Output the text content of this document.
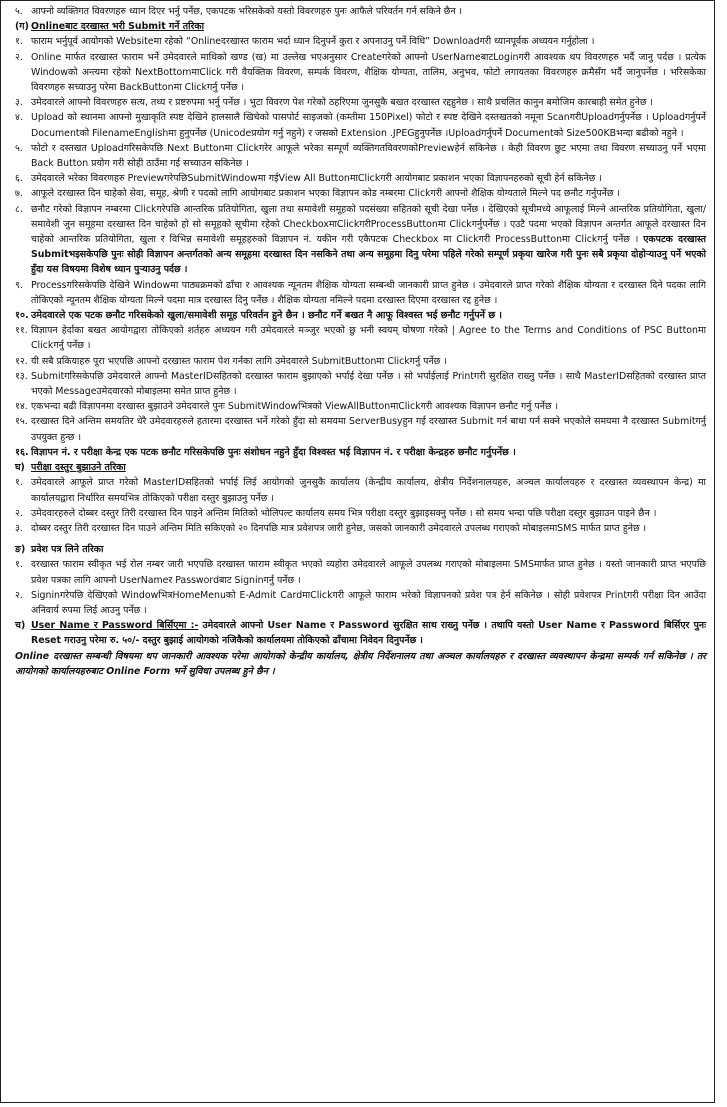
५. आफ्नो व्यक्तिगत विवरणहरु ध्यान दिएर भर्नु पर्नेछ, एकपटक भरिसकेको यस्तो विवरणहरु पुनः आफैले परिवर्तन गर्न सकिने छैन ।
(ग) Onlineबाट दरखास्त भरी Submit गर्ने तरिका
१. फाराम भर्नुपूर्व आयोगको Websiteमा रहेको “Onlineदरखास्त फाराम भर्दा ध्यान दिनुपर्ने कुरा र अपनाउनु पर्ने विधि” Downloadगरी ध्यानपूर्वक अध्ययन गर्नुहोला ।
२. Online मार्फत दरखास्त फाराम भर्ने उमेदवारले माथिको खण्ड (ख) मा उल्लेख भएअनुसार Createगरेको आफ्नो UserNameबाटLoginगरी आवश्यक थप विवरणहरु भर्दै जानु पर्दछ । प्रत्येक Windowको अन्त्यमा रहेको NextBottomमाClick गरी वैयक्तिक विवरण, सम्पर्क विवरण, शैक्षिक योग्यता, तालिम, अनुभव, फोटो लगायतका विवरणहरु क्रमैसँग भर्दै जानुपर्नेछ । भरिसकेका विवरणहरु सच्याउनु परेमा BackButtonमा Clickगर्नु पर्नेछ ।
३. उमेदवारले आफ्नो विवरणहरु सत्य, तथ्य र प्रष्टरुपमा भर्नु पर्नेछ । भुटा विवरण पेश गरेको ठहरिएमा जुनसुकै बखत दरखास्त रद्दहुनेछ । साथै प्रचलित कानुन बमोजिम कारबाही समेत हुनेछ ।
४. Upload को स्थानमा आफ्नो मुखाकृति स्पष्ट देखिने हालसालै खिचेको पासपोर्ट साइजको (कम्तीमा 150Pixel) फोटो र स्पष्ट देखिने दस्तखतको नमूना ScanगरीUploadगर्नुपर्नेछ । Uploadगर्नुपर्ने Documentको FilenameEnglishमा हुनुपर्नेछ (Unicodeप्रयोग गर्नु नहुने) र जसको Extension .JPEGहुनुपर्नेछ ।Uploadगर्नुपर्ने Documentको Size500KBभन्दा बढीको नहुने ।
५. फोटो र दस्तखत Uploadगरिसकेपछि Next Buttonमा Clickगरेर आफूले भरेका सम्पूर्ण व्यक्तिगतविवरणकोPreviewहेर्न सकिनेछ । केही विवरण छुट भएमा तथा विवरण सच्याउनु पर्ने भएमा Back Button प्रयोग गरी सोही ठाउँमा गई सच्याउन सकिनेछ ।
६. उमेदवारले भरेका विवरणहरु PreviewगरेपछिSubmitWindowमा गईView All ButtonमाClickगरी आयोगबाट प्रकाशन भएका विज्ञापनहरुको सूची हेर्न सकिनेछ ।
७. आफूले दरखास्त दिन चाहेको सेवा, समूह, श्रेणी र पदको लागि आयोगबाट प्रकाशन भएका विज्ञापन कोड नम्बरमा Clickगरी आफ्नो शैक्षिक योग्यताले मिल्ने पद छनौट गर्नुपर्नेछ ।
८. छनौट गरेको विज्ञापन नम्बरमा Clickगरेपछि आन्तरिक प्रतियोगिता, खुला तथा समावेशी समूहको पदसंख्या सहितको सूची देखा पर्नेछ । देखिएको सूचीमध्ये आफूलाई मिल्ने आन्तरिक प्रतियोगिता, खुला/समावेशी जुन समूहमा दरखास्त दिन चाहेको हो सो समूहको सूचीमा रहेको CheckboxमाClickगरीProcessButtonमा Clickगर्नुपर्नेछ । एउटै पदमा भएको विज्ञापन अन्तर्गत आफूले दरखास्त दिन चाहेको आन्तरिक प्रतियोगिता, खुला र विभिन्न समावेशी समूहहरुको विज्ञापन नं. यकीन गरी एकैपटक Checkbox मा Clickगरी ProcessButtonमा Clickगर्नु पर्नेछ । एकपटक दरखास्त Submitभइसकेपछि पुनः सोही विज्ञापन अन्तर्गतको अन्य समूहमा दरखास्त दिन नसकिने तथा अन्य समूहमा दिनु परेमा पहिले गरेको सम्पूर्ण प्रकृया खारेज गरी पुनः सबै प्रकृया दोहोऱ्याउनु पर्ने भएको हुँदा यस विषयमा विशेष ध्यान पुऱ्याउनु पर्दछ ।
९. Processगरिसकेपछि देखिने Windowमा पाठ्यक्रमको ढाँचा र आवश्यक न्यूनतम शैक्षिक योग्यता सम्बन्धी जानकारी प्राप्त हुनेछ । उमेदवारले प्राप्त गरेको शैक्षिक योग्यता र दरखास्त दिने पदका लागि तोकिएको न्यूनतम शैक्षिक योग्यता मिल्ने पदमा मात्र दरखास्त दिनु पर्नेछ । शैक्षिक योग्यता नमिल्ने पदमा दरखास्त दिएमा दरखास्त रद्द हुनेछ ।
१०. उमेदवारले एक पटक छनौट गरिसकेको खुला/समावेशी समूह परिवर्तन हुने छैन । छनौट गर्ने बखत नै आफू विश्वस्त भई छनौट गर्नुपर्ने छ ।
११. विज्ञापन हेर्दाका बखत आयोगद्वारा तोकिएको शर्तहरु अध्ययन गरी उमेदवारले मञ्जुर भएको छु भनी स्वयम् घोषणा गरेको | Agree to the Terms and Conditions of PSC Buttonमा Clickगर्नु पर्नेछ ।
१२. यी सबै प्रकियाहरु पूरा भएपछि आफ्नो दरखास्त फाराम पेश गर्नका लागि उमेदवारले SubmitButtonमा Clickगर्नु पर्नेछ ।
१३. Submitगरिसकेपछि उमेदवारले आफ्नो MasterIDसहितको दरखास्त फाराम बुझाएको भर्पाई देखा पर्नेछ । सो भर्पाईलाई Printगरी सुरक्षित राख्नु पर्नेछ । साथै MasterIDसहितको दरखास्त प्राप्त भएको Messageउमेदवारको मोबाइलमा समेत प्राप्त हुनेछ ।
१४. एकभन्दा बढी विज्ञापनमा दरखास्त बुझाउने उमेदवारले पुनः SubmitWindowभित्रको ViewAllButtonमाClickगरी आवश्यक विज्ञापन छनौट गर्नु पर्नेछ ।
१५. दरखास्त दिने अन्तिम समयतिर धेरै उमेदवारहरुले हतारमा दरखास्त भर्ने गरेको हुँदा सो समयमा ServerBusyहुन गई दरखास्त Submit गर्न बाधा पर्न सक्ने भएकोले समयमा नै दरखास्त Submitगर्नु उपयुक्त हुन्छ ।
१६. विज्ञापन नं. र परीक्षा केन्द्र एक पटक छनौट गरिसकेपछि पुनः संशोधन नहुने हुँदा विश्वस्त भई विज्ञापन नं. र परीक्षा केन्द्रहरु छनौट गर्नुपर्नेछ ।
घ) परीक्षा दस्तुर बुझाउने तरिका
१. उमेदवारले आफूले प्राप्त गरेको MasterIDसहितको भर्पाई लिई आयोगको जुनसुकै कार्यालय (केन्द्रीय कार्यालय, क्षेत्रीय निर्देशनालयहरु, अञ्चल कार्यालयहरु र दरखास्त व्यवस्थापन केन्द्र) मा कार्यालयद्वारा निर्धारित समयभित्र तोकिएको परीक्षा दस्तुर बुझाउनु पर्नेछ ।
२. उमेदवारहरुले दोब्बर दस्तुर तिरी दरखास्त दिन पाइने अन्तिम मितिको भोलिपल्ट कार्यालय समय भित्र परीक्षा दस्तुर बुझाइसक्नु पर्नेछ । सो समय भन्दा पछि परीक्षा दस्तुर बुझाउन पाइने छैन ।
३. दोब्बर दस्तुर तिरी दरखास्त दिन पाउने अन्तिम मिति सकिएको २० दिनपछि मात्र प्रवेशपत्र जारी हुनेछ, जसको जानकारी उमेदवारले उपलब्ध गराएको मोबाइलमाSMS मार्फत प्राप्त हुनेछ ।
ङ) प्रवेश पत्र लिने तरिका
१. दरखास्त फाराम स्वीकृत भई रोल नम्बर जारी भएपछि दरखास्त फाराम स्वीकृत भएको व्यहोरा उमेदवारले आफूले उपलब्ध गराएको मोबाइलमा SMSमार्फत प्राप्त हुनेछ । यस्तो जानकारी प्राप्त भएपछि प्रवेश पत्रका लागि आफ्नो UserNameर Passwordबाट Signinगर्नु पर्नेछ ।
२. Signinगरेपछि देखिएको Windowभित्रHomeMenuको E-Admit CardमाClickगरी आफूले फाराम भरेको विज्ञापनको प्रवेश पत्र हेर्न सकिनेछ । सोही प्रवेशपत्र Printगरी परीक्षा दिन आउँदा अनिवार्य रुपमा लिई आउनु पर्नेछ ।
च) User Name र Password बिर्सिएमा :- उमेदवारले आफ्नो User Name र Password सुरक्षित साथ राख्नु पर्नेछ । तथापि यस्तो User Name र Password बिर्सिएर पुनः Reset गराउनु परेमा रु. ५०/- दस्तुर बुझाई आयोगको नजिकैको कार्यालयमा तोकिएको ढाँचामा निवेदन दिनुपर्नेछ ।
Online दरखास्त सम्बन्धी विषयमा थप जानकारी आवश्यक परेमा आयोगको केन्द्रीय कार्यालय, क्षेत्रीय निर्देशनालय तथा अञ्चल कार्यालयहरु र दरखास्त व्यवस्थापन केन्द्रमा सम्पर्क गर्न सकिनेछ । तर आयोगको कार्यालयहरुबाट Online Form भर्ने सुविधा उपलब्ध हुने छैन ।
